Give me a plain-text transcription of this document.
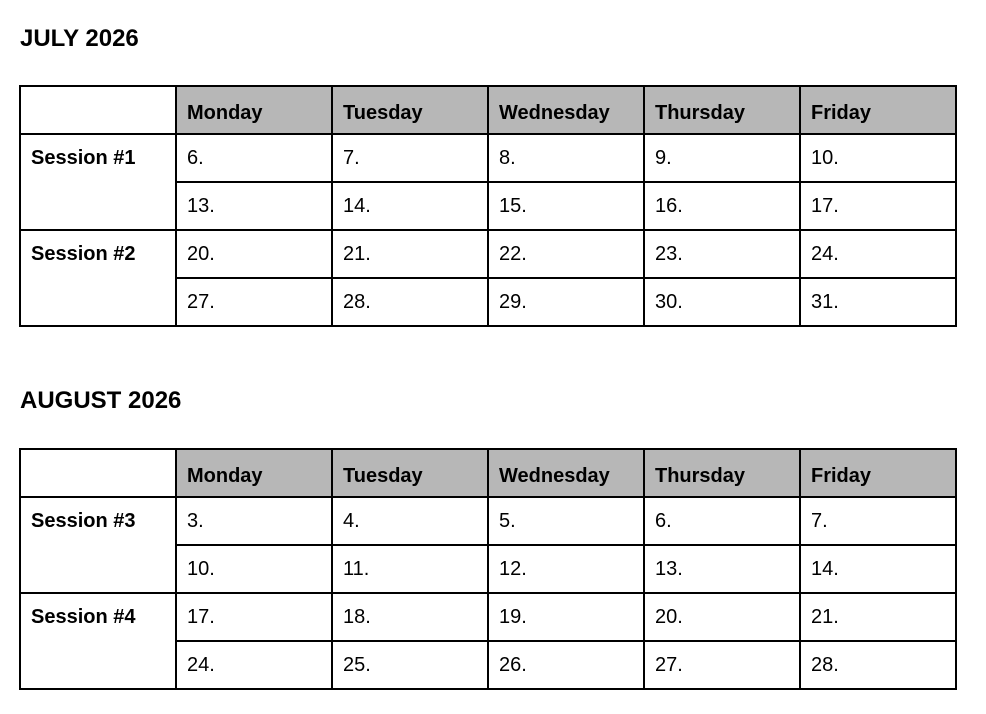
JULY 2026
	Monday	Tuesday	Wednesday	Thursday	Friday
Session #1	6.	7.	8.	9.	10.
	13.	14.	15.	16.	17.
Session #2	20.	21.	22.	23.	24.
	27.	28.	29.	30.	31.
AUGUST 2026
	Monday	Tuesday	Wednesday	Thursday	Friday
Session #3	3.	4.	5.	6.	7.
	10.	11.	12.	13.	14.
Session #4	17.	18.	19.	20.	21.
	24.	25.	26.	27.	28.
